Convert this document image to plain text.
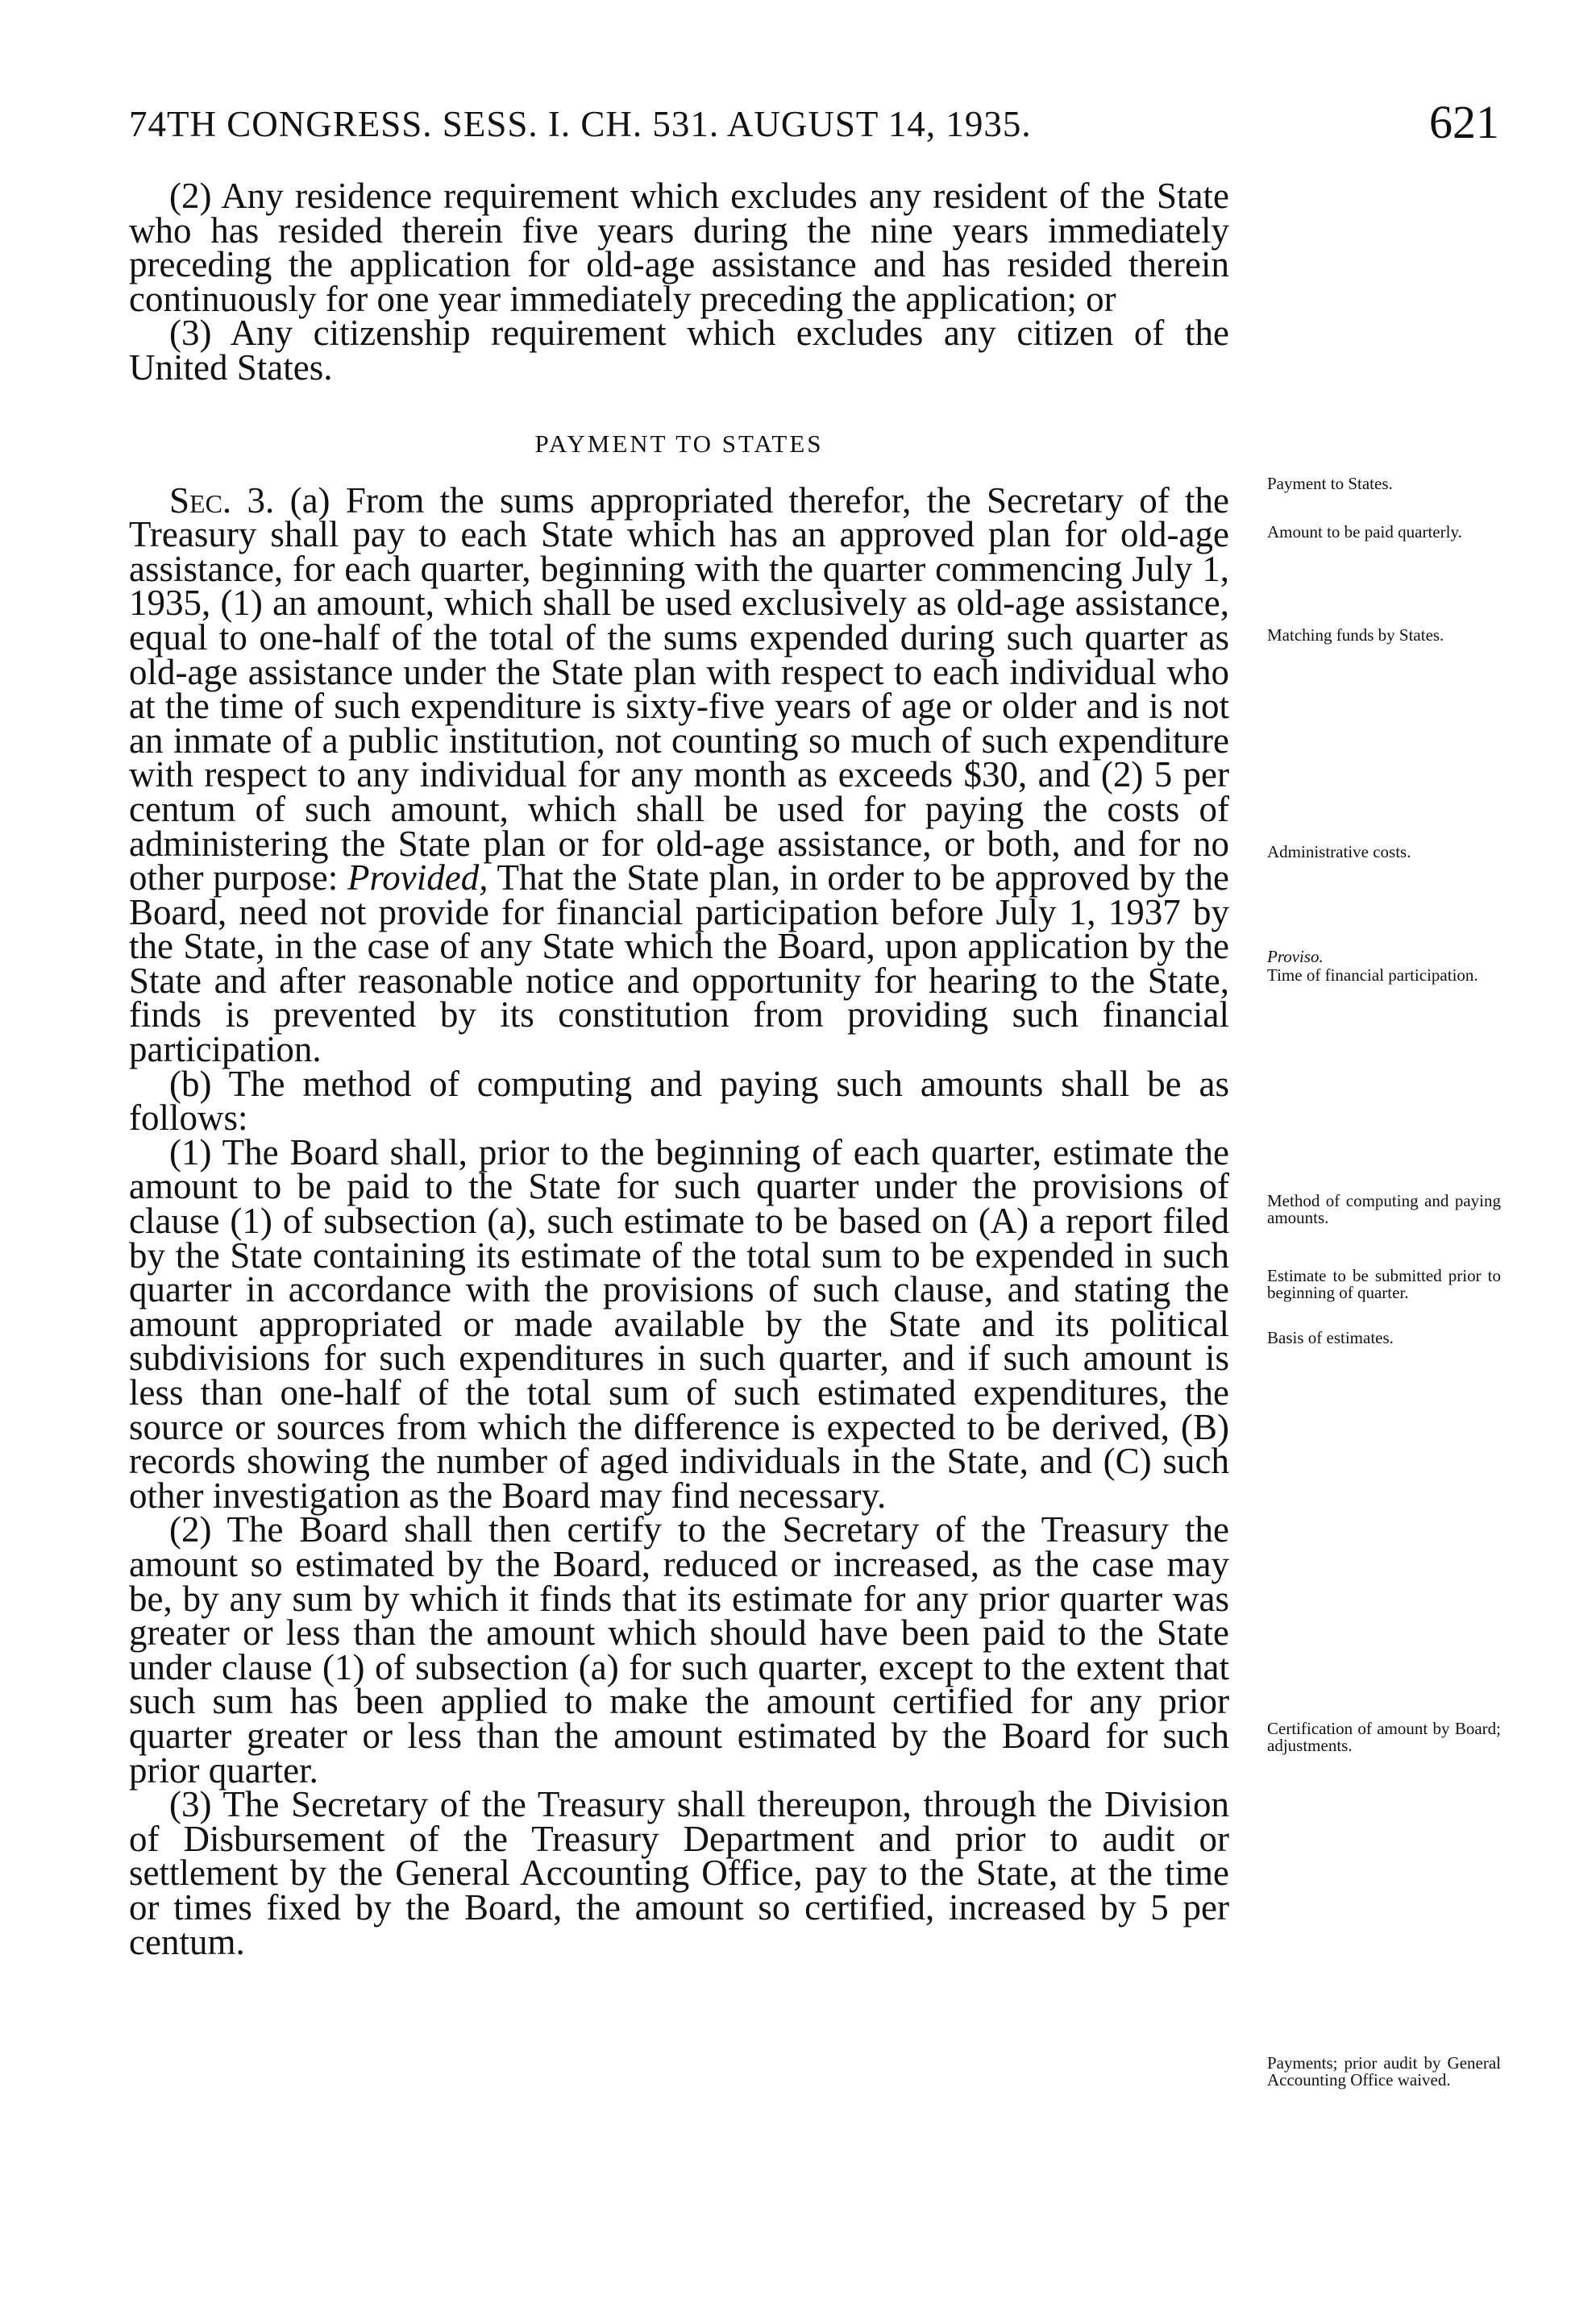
74TH CONGRESS. SESS. I. CH. 531. AUGUST 14, 1935.	621

(2) Any residence requirement which excludes any resident of the State who has resided therein five years during the nine years immediately preceding the application for old-age assistance and has resided therein continuously for one year immediately preceding the application; or

(3) Any citizenship requirement which excludes any citizen of the United States.

PAYMENT TO STATES

Sec. 3. (a) From the sums appropriated therefor, the Secretary of the Treasury shall pay to each State which has an approved plan for old-age assistance, for each quarter, beginning with the quarter commencing July 1, 1935, (1) an amount, which shall be used exclusively as old-age assistance, equal to one-half of the total of the sums expended during such quarter as old-age assistance under the State plan with respect to each individual who at the time of such expenditure is sixty-five years of age or older and is not an inmate of a public institution, not counting so much of such expenditure with respect to any individual for any month as exceeds $30, and (2) 5 per centum of such amount, which shall be used for paying the costs of administering the State plan or for old-age assistance, or both, and for no other purpose: Provided, That the State plan, in order to be approved by the Board, need not provide for financial participation before July 1, 1937 by the State, in the case of any State which the Board, upon application by the State and after reasonable notice and opportunity for hearing to the State, finds is prevented by its constitution from providing such financial participation.

(b) The method of computing and paying such amounts shall be as follows:

(1) The Board shall, prior to the beginning of each quarter, estimate the amount to be paid to the State for such quarter under the provisions of clause (1) of subsection (a), such estimate to be based on (A) a report filed by the State containing its estimate of the total sum to be expended in such quarter in accordance with the provisions of such clause, and stating the amount appropriated or made available by the State and its political subdivisions for such expenditures in such quarter, and if such amount is less than one-half of the total sum of such estimated expenditures, the source or sources from which the difference is expected to be derived, (B) records showing the number of aged individuals in the State, and (C) such other investigation as the Board may find necessary.

(2) The Board shall then certify to the Secretary of the Treasury the amount so estimated by the Board, reduced or increased, as the case may be, by any sum by which it finds that its estimate for any prior quarter was greater or less than the amount which should have been paid to the State under clause (1) of subsection (a) for such quarter, except to the extent that such sum has been applied to make the amount certified for any prior quarter greater or less than the amount estimated by the Board for such prior quarter.

(3) The Secretary of the Treasury shall thereupon, through the Division of Disbursement of the Treasury Department and prior to audit or settlement by the General Accounting Office, pay to the State, at the time or times fixed by the Board, the amount so certified, increased by 5 per centum.

Payment to States.
Amount to be paid quarterly.
Matching funds by States.
Administrative costs.
Proviso.
Time of financial participation.
Method of computing and paying amounts.
Estimate to be submitted prior to beginning of quarter.
Basis of estimates.
Certification of amount by Board; adjustments.
Payments; prior audit by General Accounting Office waived.
